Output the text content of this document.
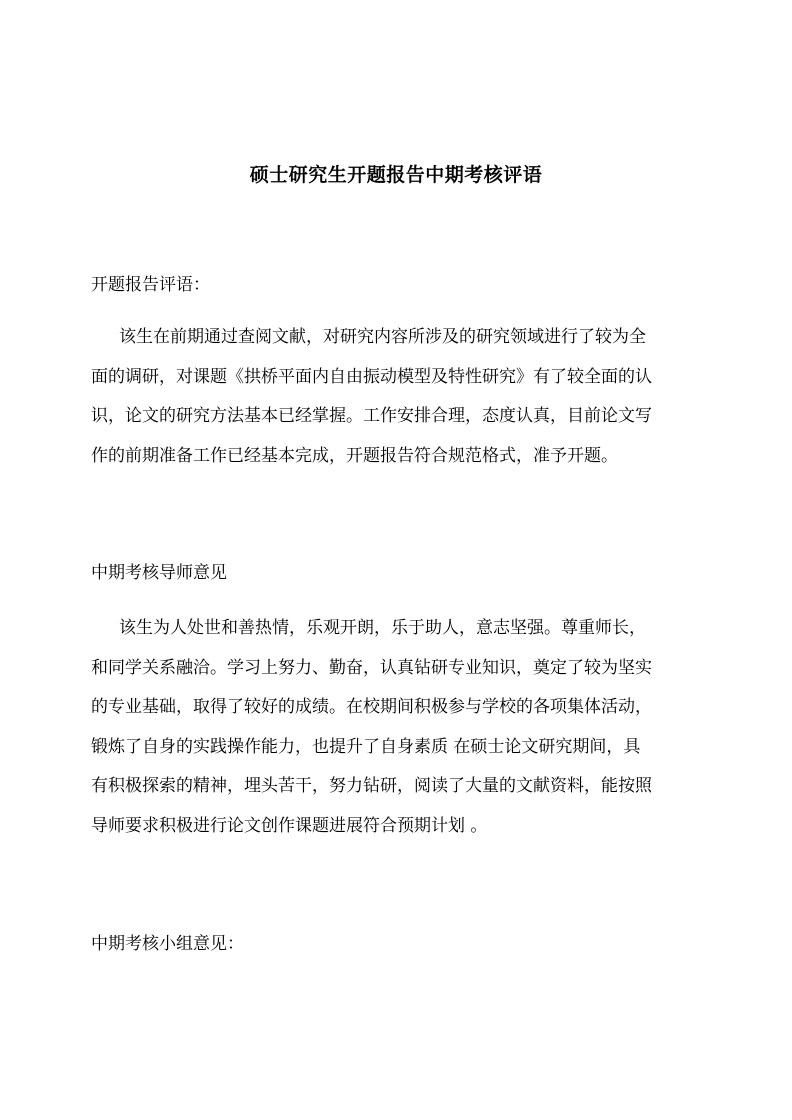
硕士研究生开题报告中期考核评语

开题报告评语：

该生在前期通过查阅文献，对研究内容所涉及的研究领域进行了较为全
面的调研，对课题《拱桥平面内自由振动模型及特性研究》有了较全面的认
识，论文的研究方法基本已经掌握。工作安排合理，态度认真，目前论文写
作的前期准备工作已经基本完成，开题报告符合规范格式，准予开题。

中期考核导师意见

该生为人处世和善热情，乐观开朗，乐于助人，意志坚强。尊重师长，
和同学关系融洽。学习上努力、勤奋，认真钻研专业知识，奠定了较为坚实
的专业基础，取得了较好的成绩。在校期间积极参与学校的各项集体活动，
锻炼了自身的实践操作能力，也提升了自身素质 在硕士论文研究期间，具
有积极探索的精神，埋头苦干，努力钻研，阅读了大量的文献资料，能按照
导师要求积极进行论文创作课题进展符合预期计划 。

中期考核小组意见：
